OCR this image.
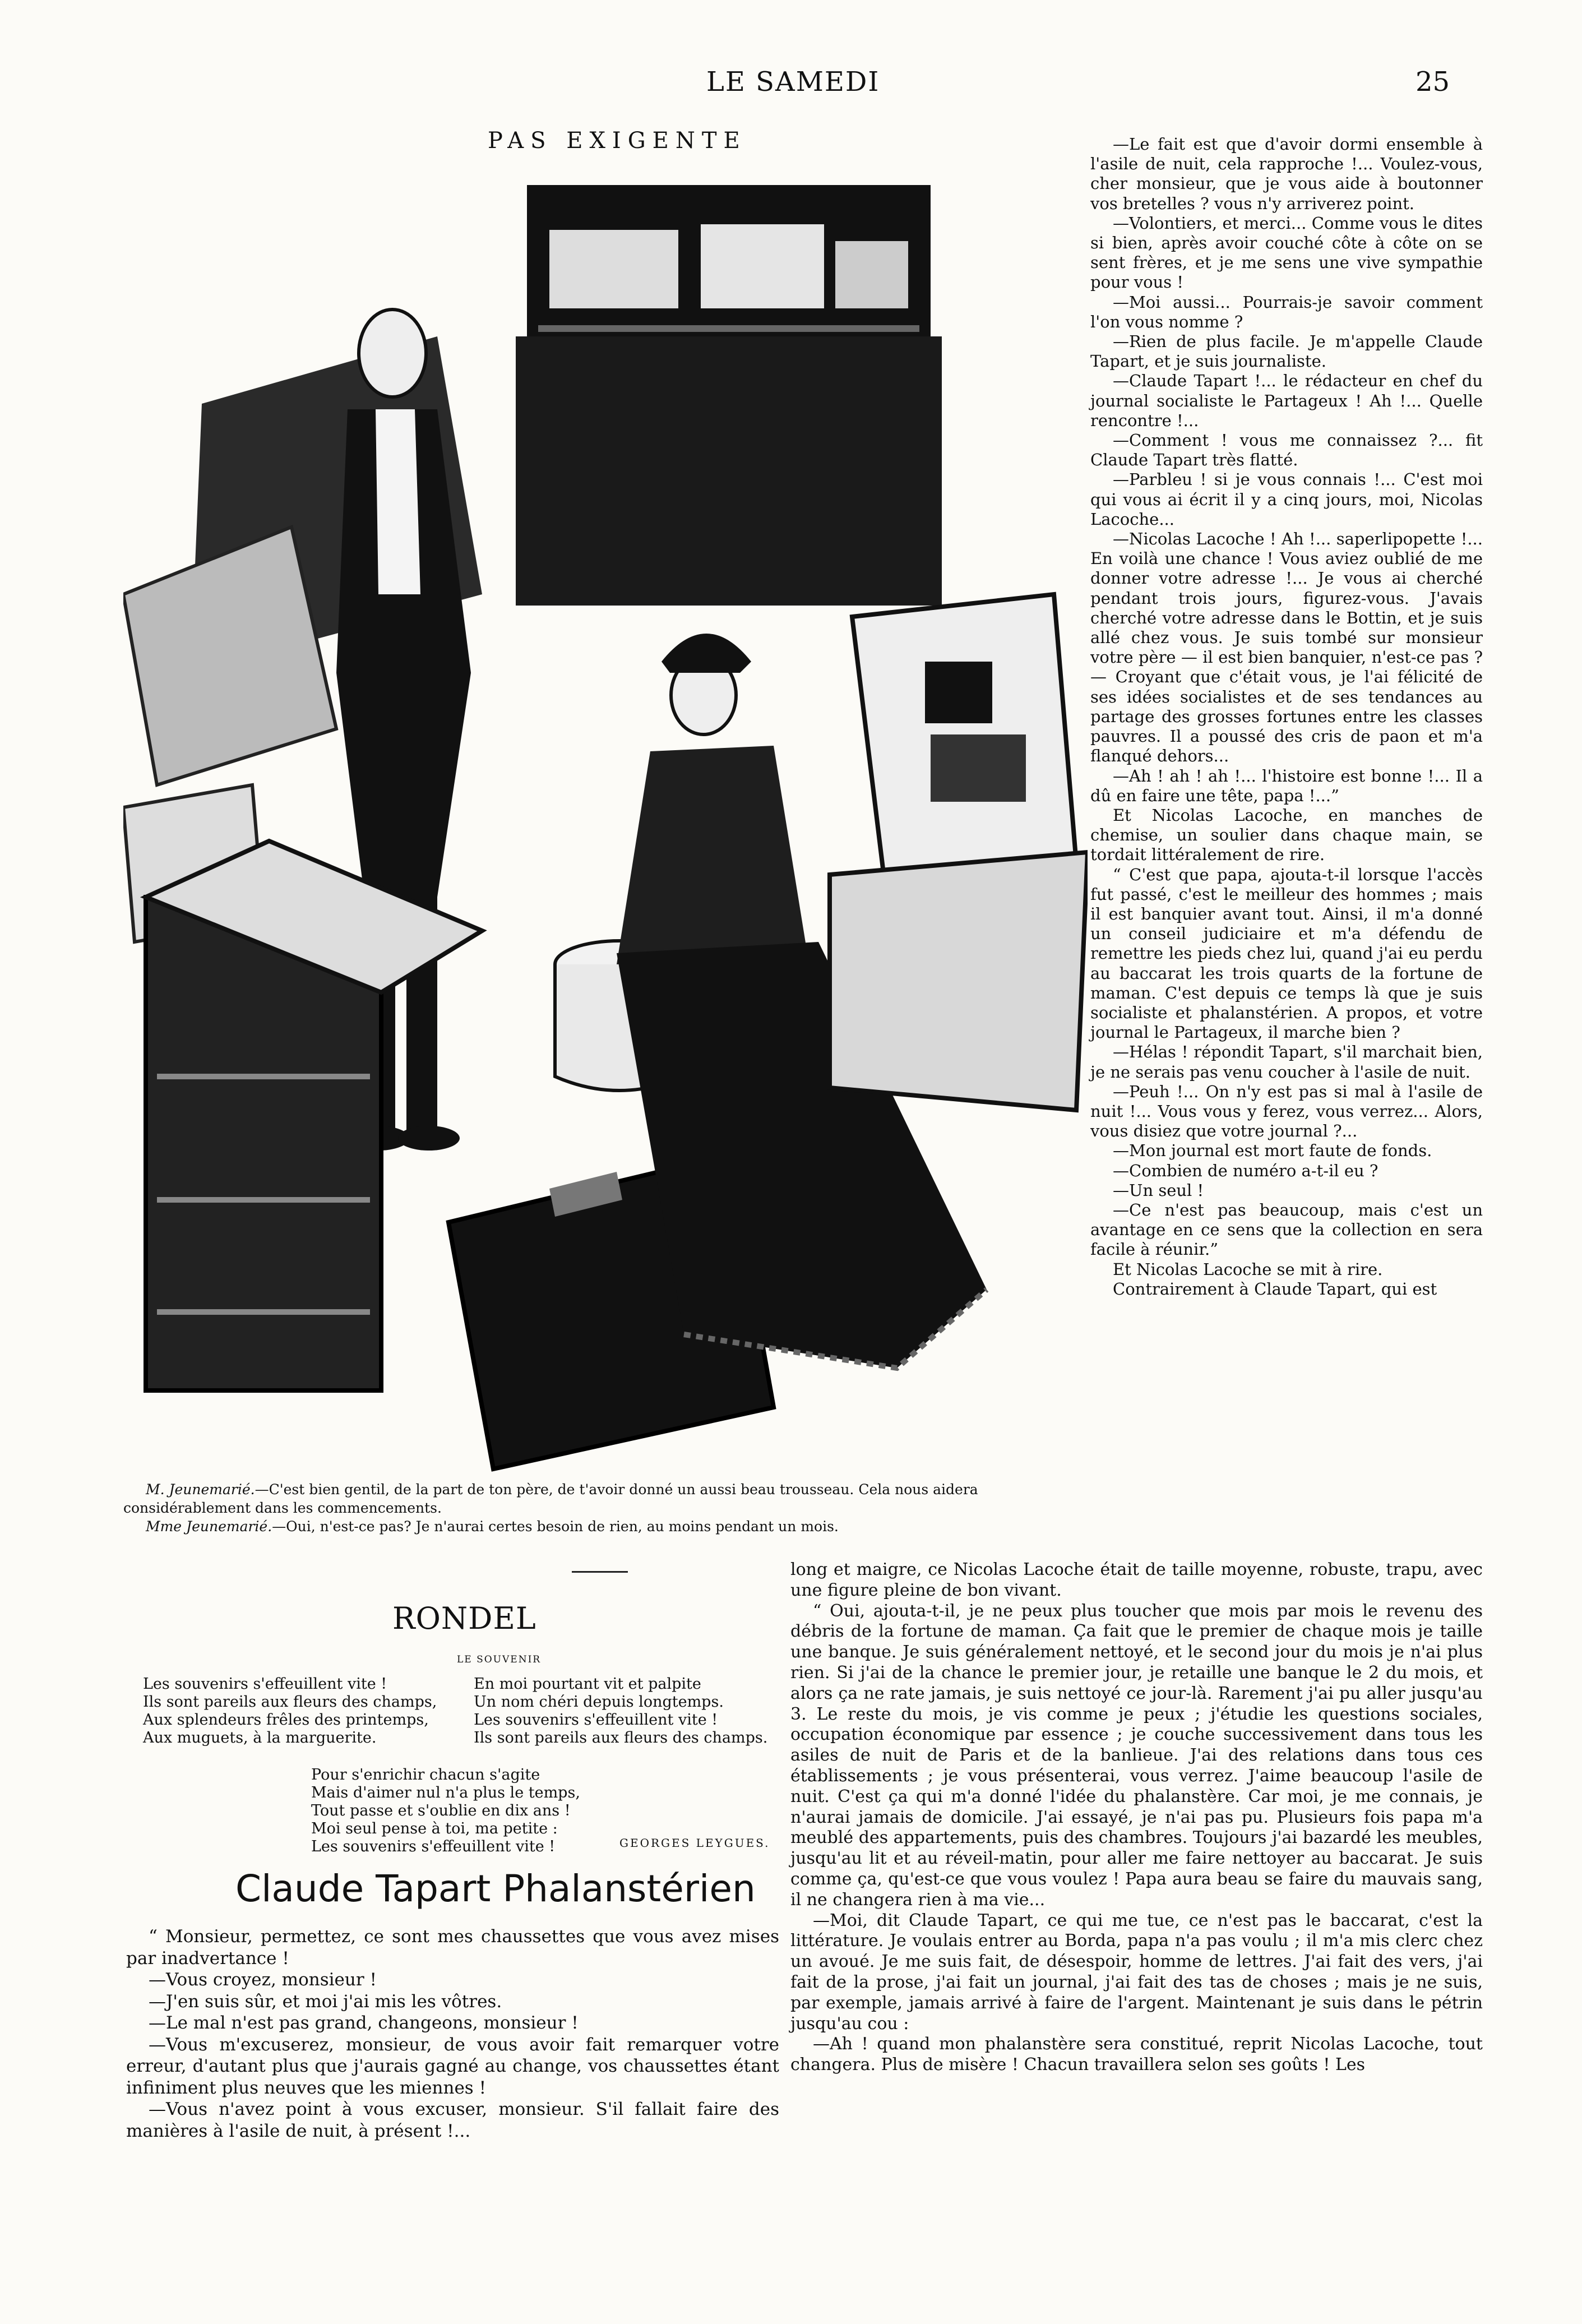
LE SAMEDI	25
PAS EXIGENTE

M. Jeunemarié.—C'est bien gentil, de la part de ton père, de t'avoir donné un aussi beau trousseau. Cela nous aidera considérablement dans les commencements.

Mme Jeunemarié.—Oui, n'est-ce pas? Je n'aurai certes besoin de rien, au moins pendant un mois.

RONDEL
LE SOUVENIR
Les souvenirs s'effeuillent vite !
Ils sont pareils aux fleurs des champs,
Aux splendeurs frêles des printemps,
Aux muguets, à la marguerite.
En moi pourtant vit et palpite
Un nom chéri depuis longtemps.
Les souvenirs s'effeuillent vite !
Ils sont pareils aux fleurs des champs.
Pour s'enrichir chacun s'agite
Mais d'aimer nul n'a plus le temps,
Tout passe et s'oublie en dix ans !
Moi seul pense à toi, ma petite :
Les souvenirs s'effeuillent vite !	GEORGES LEYGUES.
Claude Tapart Phalanstérien

“ Monsieur, permettez, ce sont mes chaussettes que vous avez mises par inadvertance !

—Vous croyez, monsieur !

—J'en suis sûr, et moi j'ai mis les vôtres.

—Le mal n'est pas grand, changeons, monsieur !

—Vous m'excuserez, monsieur, de vous avoir fait remarquer votre erreur, d'autant plus que j'aurais gagné au change, vos chaussettes étant infiniment plus neuves que les miennes !

—Vous n'avez point à vous excuser, monsieur. S'il fallait faire des manières à l'asile de nuit, à présent !...

—Le fait est que d'avoir dormi ensemble à l'asile de nuit, cela rapproche !... Voulez-vous, cher monsieur, que je vous aide à boutonner vos bretelles ? vous n'y arriverez point.

—Volontiers, et merci... Comme vous le dites si bien, après avoir couché côte à côte on se sent frères, et je me sens une vive sympathie pour vous !

—Moi aussi... Pourrais-je savoir comment l'on vous nomme ?

—Rien de plus facile. Je m'appelle Claude Tapart, et je suis journaliste.

—Claude Tapart !... le rédacteur en chef du journal socialiste le Partageux ! Ah !... Quelle rencontre !...

—Comment ! vous me connaissez ?... fit Claude Tapart très flatté.

—Parbleu ! si je vous connais !... C'est moi qui vous ai écrit il y a cinq jours, moi, Nicolas Lacoche...

—Nicolas Lacoche ! Ah !... saperlipopette !... En voilà une chance ! Vous aviez oublié de me donner votre adresse !... Je vous ai cherché pendant trois jours, figurez-vous. J'avais cherché votre adresse dans le Bottin, et je suis allé chez vous. Je suis tombé sur monsieur votre père — il est bien banquier, n'est-ce pas ? — Croyant que c'était vous, je l'ai félicité de ses idées socialistes et de ses tendances au partage des grosses fortunes entre les classes pauvres. Il a poussé des cris de paon et m'a flanqué dehors...

—Ah ! ah ! ah !... l'histoire est bonne !... Il a dû en faire une tête, papa !...”

Et Nicolas Lacoche, en manches de chemise, un soulier dans chaque main, se tordait littéralement de rire.

“ C'est que papa, ajouta-t-il lorsque l'accès fut passé, c'est le meilleur des hommes ; mais il est banquier avant tout. Ainsi, il m'a donné un conseil judiciaire et m'a défendu de remettre les pieds chez lui, quand j'ai eu perdu au baccarat les trois quarts de la fortune de maman. C'est depuis ce temps là que je suis socialiste et phalanstérien. A propos, et votre journal le Partageux, il marche bien ?

—Hélas ! répondit Tapart, s'il marchait bien, je ne serais pas venu coucher à l'asile de nuit.

—Peuh !... On n'y est pas si mal à l'asile de nuit !... Vous vous y ferez, vous verrez... Alors, vous disiez que votre journal ?...

—Mon journal est mort faute de fonds.

—Combien de numéro a-t-il eu ?

—Un seul !

—Ce n'est pas beaucoup, mais c'est un avantage en ce sens que la collection en sera facile à réunir.”

Et Nicolas Lacoche se mit à rire.

Contrairement à Claude Tapart, qui est

long et maigre, ce Nicolas Lacoche était de taille moyenne, robuste, trapu, avec une figure pleine de bon vivant.

“ Oui, ajouta-t-il, je ne peux plus toucher que mois par mois le revenu des débris de la fortune de maman. Ça fait que le premier de chaque mois je taille une banque. Je suis généralement nettoyé, et le second jour du mois je n'ai plus rien. Si j'ai de la chance le premier jour, je retaille une banque le 2 du mois, et alors ça ne rate jamais, je suis nettoyé ce jour-là. Rarement j'ai pu aller jusqu'au 3. Le reste du mois, je vis comme je peux ; j'étudie les questions sociales, occupation économique par essence ; je couche successivement dans tous les asiles de nuit de Paris et de la banlieue. J'ai des relations dans tous ces établissements ; je vous présenterai, vous verrez. J'aime beaucoup l'asile de nuit. C'est ça qui m'a donné l'idée du phalanstère. Car moi, je me connais, je n'aurai jamais de domicile. J'ai essayé, je n'ai pas pu. Plusieurs fois papa m'a meublé des appartements, puis des chambres. Toujours j'ai bazardé les meubles, jusqu'au lit et au réveil-matin, pour aller me faire nettoyer au baccarat. Je suis comme ça, qu'est-ce que vous voulez ! Papa aura beau se faire du mauvais sang, il ne changera rien à ma vie...

—Moi, dit Claude Tapart, ce qui me tue, ce n'est pas le baccarat, c'est la littérature. Je voulais entrer au Borda, papa n'a pas voulu ; il m'a mis clerc chez un avoué. Je me suis fait, de désespoir, homme de lettres. J'ai fait des vers, j'ai fait de la prose, j'ai fait un journal, j'ai fait des tas de choses ; mais je ne suis, par exemple, jamais arrivé à faire de l'argent. Maintenant je suis dans le pétrin jusqu'au cou :

—Ah ! quand mon phalanstère sera constitué, reprit Nicolas Lacoche, tout changera. Plus de misère ! Chacun travaillera selon ses goûts ! Les
